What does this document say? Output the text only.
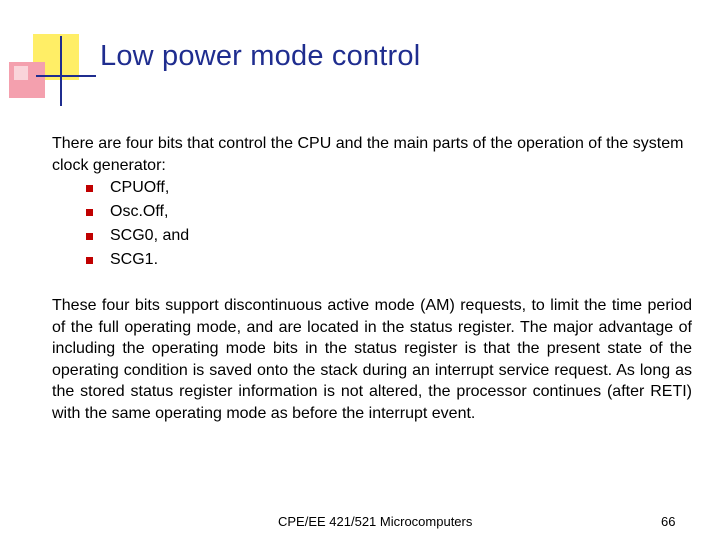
Low power mode control

There are four bits that control the CPU and the main parts of the operation of the system clock generator:

CPUOff,
Osc.Off,
SCG0, and
SCG1.

These four bits support discontinuous active mode (AM) requests, to limit the time period of the full operating mode, and are located in the status register. The major advantage of including the operating mode bits in the status register is that the present state of the operating condition is saved onto the stack during an interrupt service request. As long as the stored status register information is not altered, the processor continues (after RETI) with the same operating mode as before the interrupt event.

CPE/EE 421/521 Microcomputers	66
